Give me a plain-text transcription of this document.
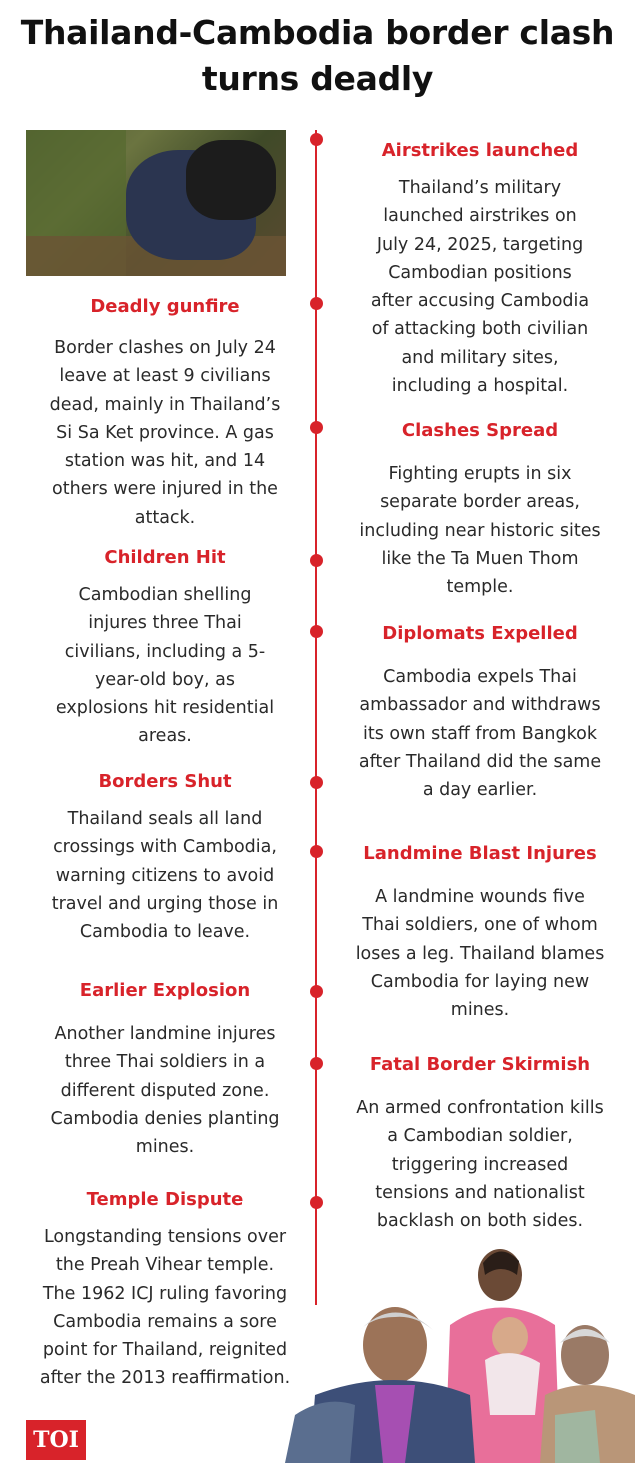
Thailand-Cambodia border clash
turns deadly
Deadly gunfire
Border clashes on July 24
leave at least 9 civilians
dead, mainly in Thailand’s
Si Sa Ket province. A gas
station was hit, and 14
others were injured in the
attack.
Children Hit
Cambodian shelling
injures three Thai
civilians, including a 5-
year-old boy, as
explosions hit residential
areas.
Borders Shut
Thailand seals all land
crossings with Cambodia,
warning citizens to avoid
travel and urging those in
Cambodia to leave.
Earlier Explosion
Another landmine injures
three Thai soldiers in a
different disputed zone.
Cambodia denies planting
mines.
Temple Dispute
Longstanding tensions over
the Preah Vihear temple.
The 1962 ICJ ruling favoring
Cambodia remains a sore
point for Thailand, reignited
after the 2013 reaffirmation.
Airstrikes launched
Thailand’s military
launched airstrikes on
July 24, 2025, targeting
Cambodian positions
after accusing Cambodia
of attacking both civilian
and military sites,
including a hospital.
Clashes Spread
Fighting erupts in six
separate border areas,
including near historic sites
like the Ta Muen Thom
temple.
Diplomats Expelled
Cambodia expels Thai
ambassador and withdraws
its own staff from Bangkok
after Thailand did the same
a day earlier.
Landmine Blast Injures
A landmine wounds five
Thai soldiers, one of whom
loses a leg. Thailand blames
Cambodia for laying new
mines.
Fatal Border Skirmish
An armed confrontation kills
a Cambodian soldier,
triggering increased
tensions and nationalist
backlash on both sides.
TOI
